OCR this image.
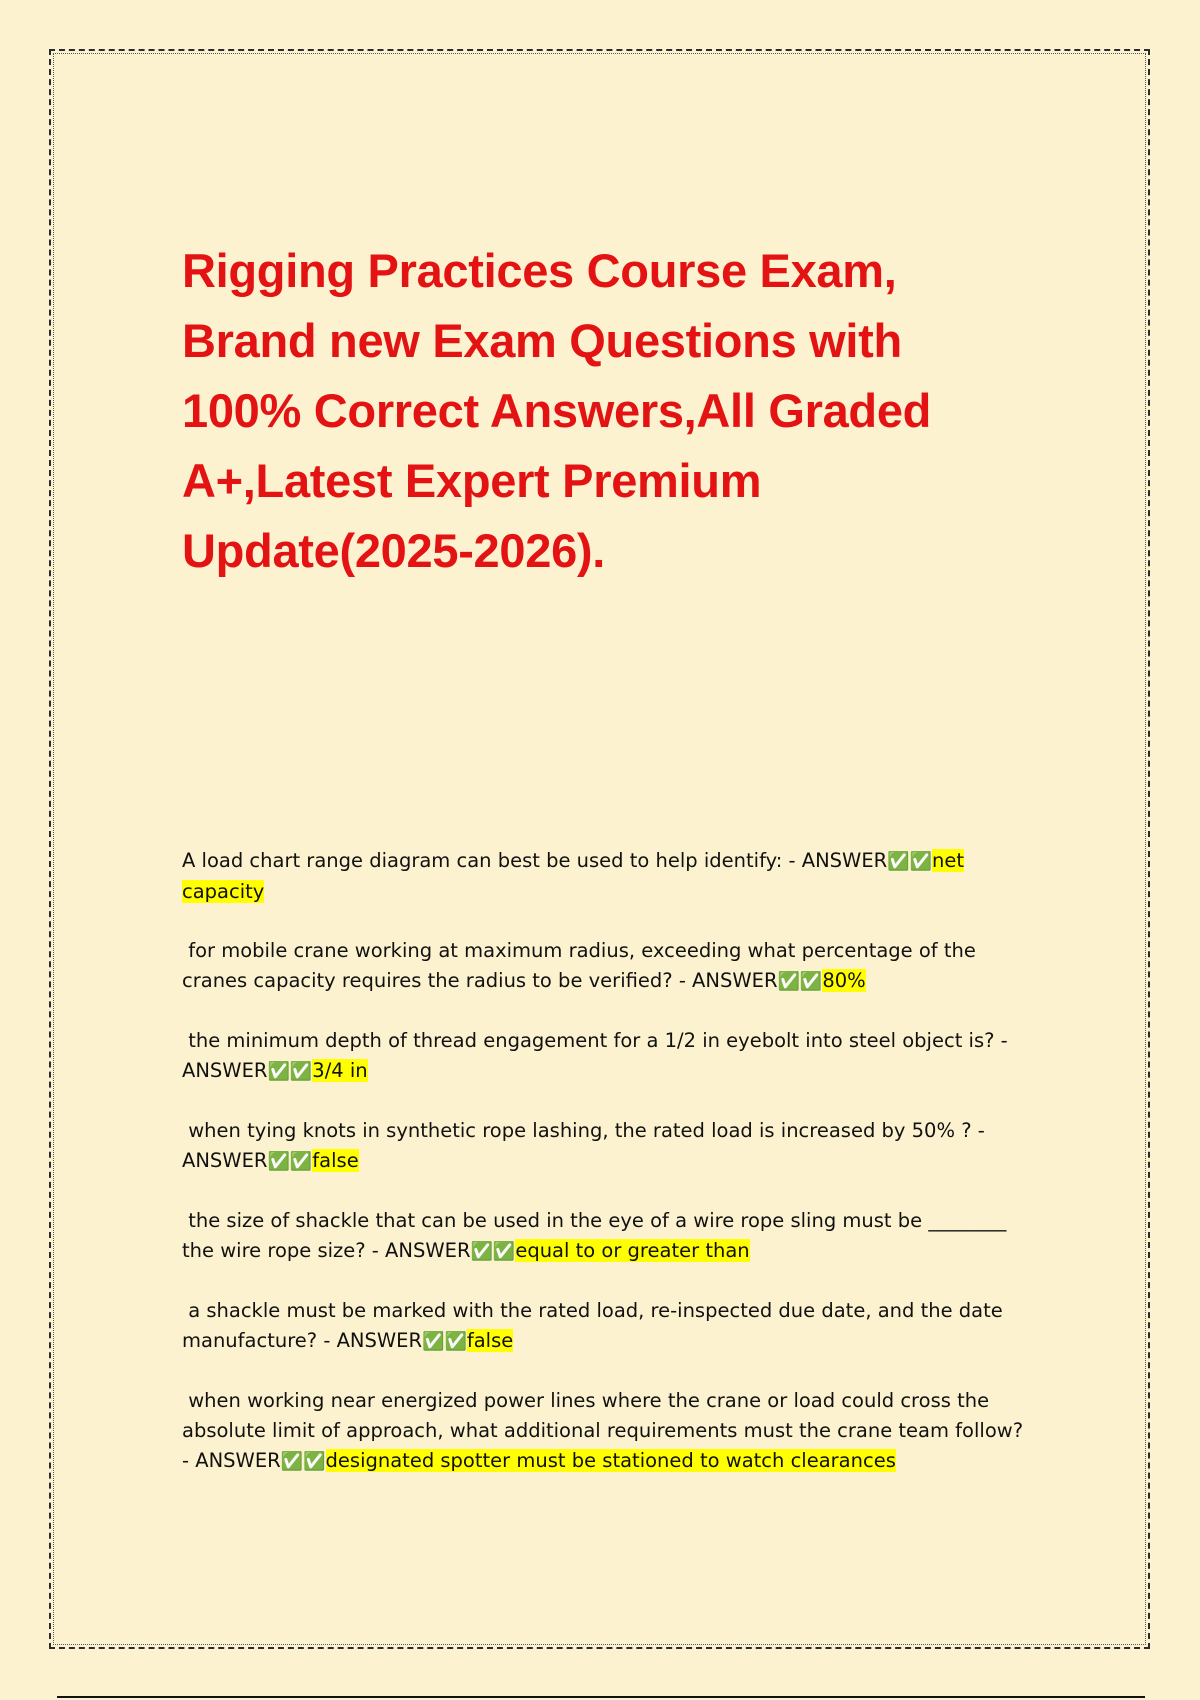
Rigging Practices Course Exam, Brand new Exam Questions with 100% Correct Answers,All Graded A+,Latest Expert Premium Update(2025-2026).

A load chart range diagram can best be used to help identify: - ANSWER✅✅net capacity

for mobile crane working at maximum radius, exceeding what percentage of the cranes capacity requires the radius to be verified? - ANSWER✅✅80%

the minimum depth of thread engagement for a 1/2 in eyebolt into steel object is? - ANSWER✅✅3/4 in

when tying knots in synthetic rope lashing, the rated load is increased by 50% ? - ANSWER✅✅false

the size of shackle that can be used in the eye of a wire rope sling must be ________ the wire rope size? - ANSWER✅✅equal to or greater than

a shackle must be marked with the rated load, re-inspected due date, and the date manufacture? - ANSWER✅✅false

when working near energized power lines where the crane or load could cross the absolute limit of approach, what additional requirements must the crane team follow? - ANSWER✅✅designated spotter must be stationed to watch clearances
